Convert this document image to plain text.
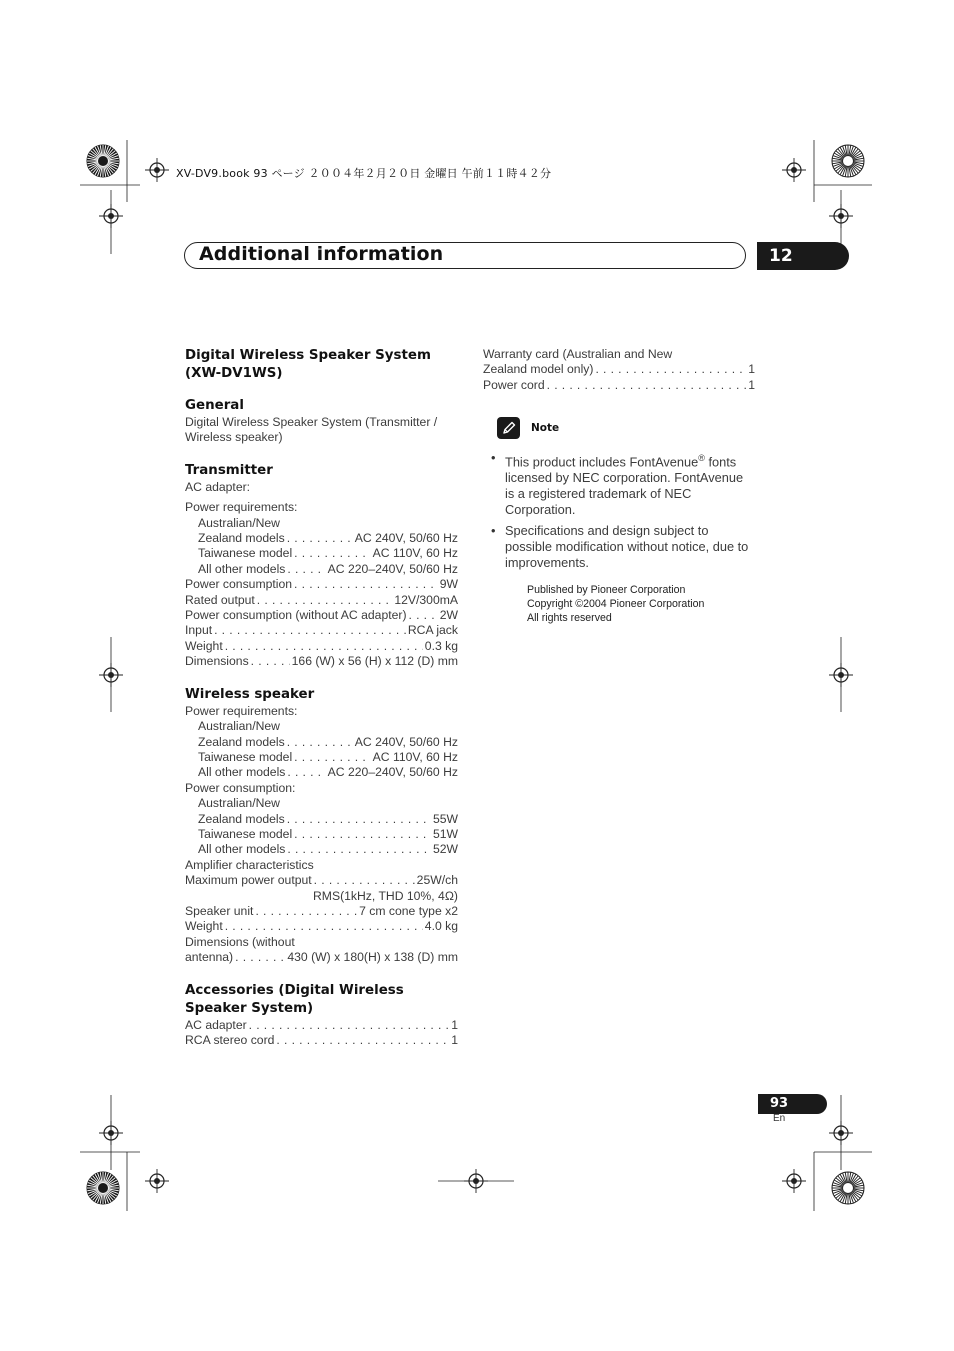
XV-DV9.book 93 ページ ２００４年２月２０日 金曜日 午前１１時４２分
Additional information	12
Digital Wireless Speaker System (XW-DV1WS)
General

Digital Wireless Speaker System (Transmitter / Wireless speaker)

Transmitter

AC adapter:

Power requirements:

Australian/New
Zealand models . . .	AC 240V, 50/60 Hz
Taiwanese model . . .	AC 110V, 60 Hz
All other models . . .	AC 220–240V, 50/60 Hz
Power consumption . . .	9W
Rated output . . .	12V/300mA
Power consumption (without AC adapter) . . .	2W
Input . . .	RCA jack
Weight . . .	0.3 kg
Dimensions . . .	166 (W) x 56 (H) x 112 (D) mm
Wireless speaker

Power requirements:

Australian/New
Zealand models . . .	AC 240V, 50/60 Hz
Taiwanese model . . .	AC 110V, 60 Hz
All other models . . .	AC 220–240V, 50/60 Hz

Power consumption:

Australian/New
Zealand models . . .	55W
Taiwanese model . . .	51W
All other models . . .	52W

Amplifier characteristics

Maximum power output . . .	25W/ch

RMS(1kHz, THD 10%, 4Ω)

Speaker unit . . .	7 cm cone type x2
Weight . . .	4.0 kg

Dimensions (without

antenna) . . .	430 (W) x 180(H) x 138 (D) mm
Accessories (Digital Wireless Speaker System)
AC adapter . . .	1
RCA stereo cord . . .	1

Warranty card (Australian and New

Zealand model only) . . .	1
Power cord . . .	1
Note
• This product includes FontAvenue® fonts licensed by NEC corporation. FontAvenue is a registered trademark of NEC Corporation.
• Specifications and design subject to possible modification without notice, due to improvements.
Published by Pioneer Corporation
Copyright ©2004 Pioneer Corporation
All rights reserved
93
En
